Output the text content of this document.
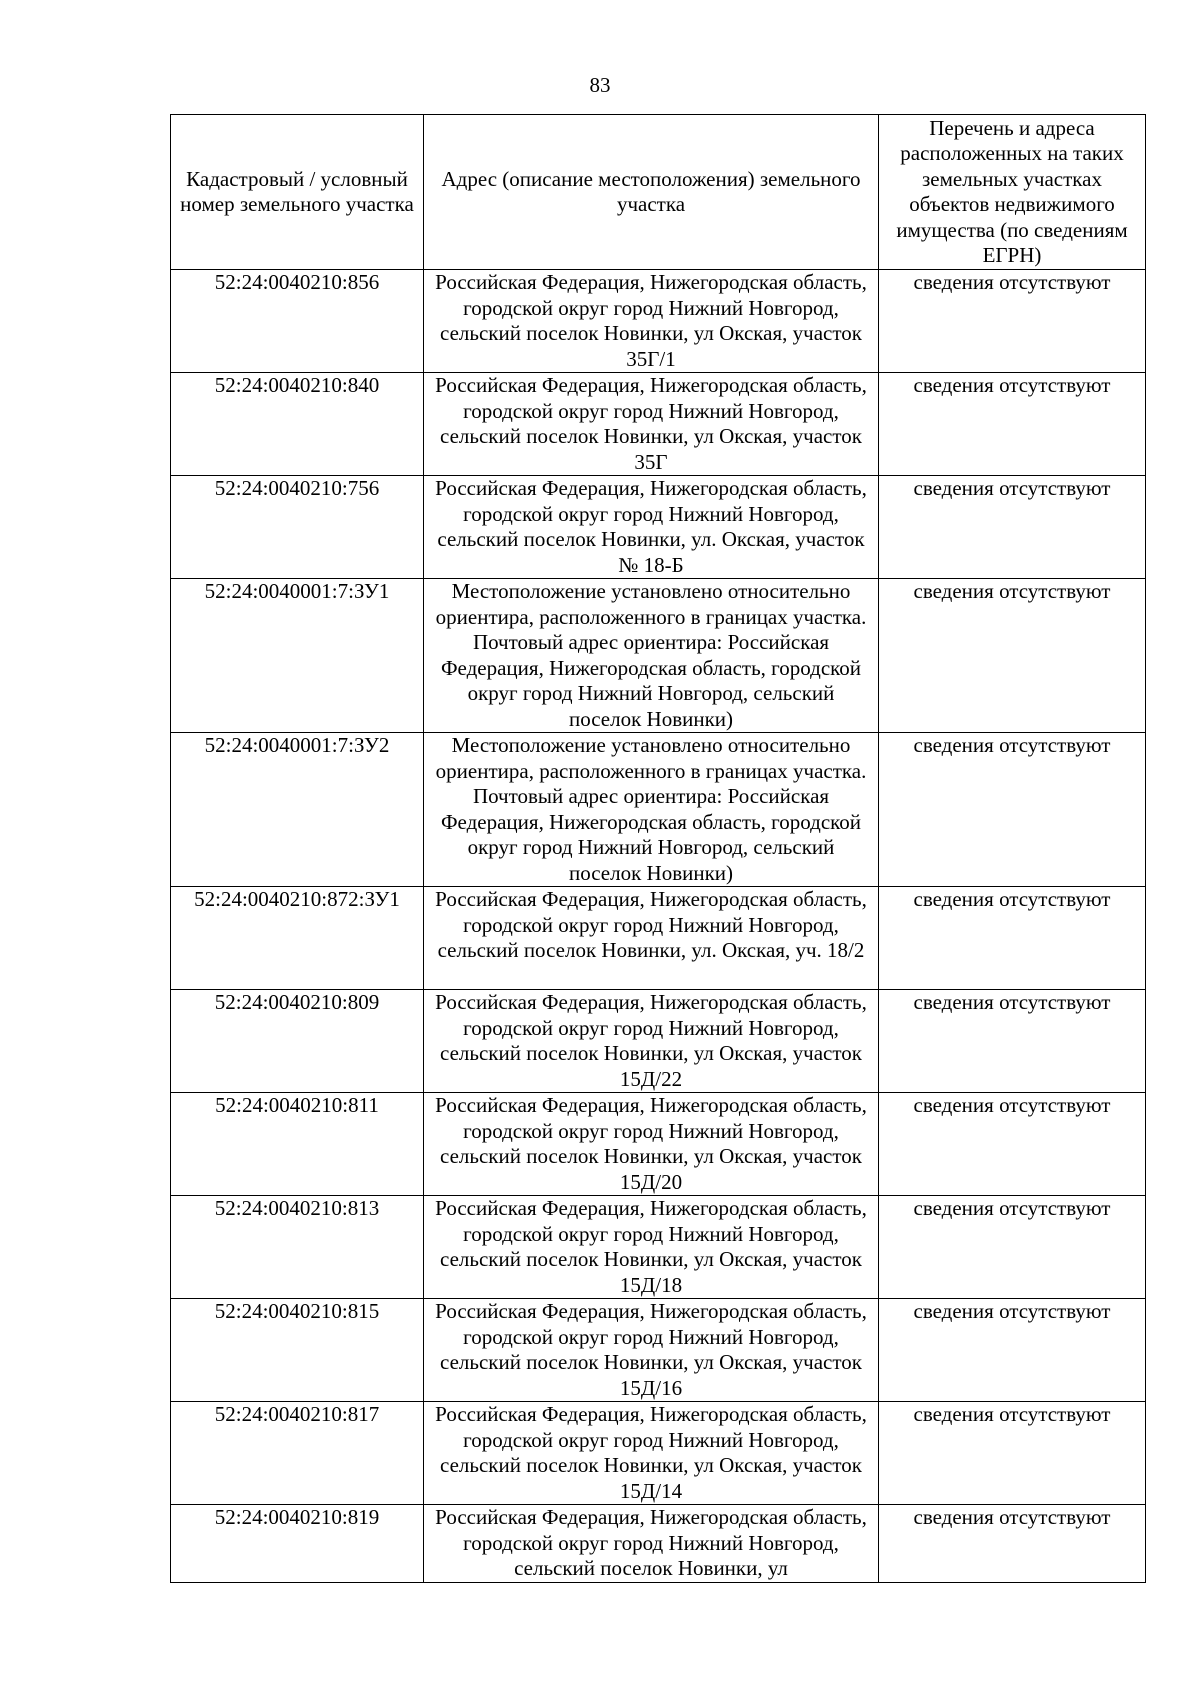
83
Кадастровый / условный номер земельного участка	Адрес (описание местоположения) земельного участка	Перечень и адреса расположенных на таких земельных участках объектов недвижимого имущества (по сведениям ЕГРН)
52:24:0040210:856	Российская Федерация, Нижегородская область, городской округ город Нижний Новгород, сельский поселок Новинки, ул Окская, участок 35Г/1	сведения отсутствуют
52:24:0040210:840	Российская Федерация, Нижегородская область, городской округ город Нижний Новгород, сельский поселок Новинки, ул Окская, участок 35Г	сведения отсутствуют
52:24:0040210:756	Российская Федерация, Нижегородская область, городской округ город Нижний Новгород, сельский поселок Новинки, ул. Окская, участок № 18-Б	сведения отсутствуют
52:24:0040001:7:ЗУ1	Местоположение установлено относительно ориентира, расположенного в границах участка. Почтовый адрес ориентира: Российская Федерация, Нижегородская область, городской округ город Нижний Новгород, сельский поселок Новинки)	сведения отсутствуют
52:24:0040001:7:ЗУ2	Местоположение установлено относительно ориентира, расположенного в границах участка. Почтовый адрес ориентира: Российская Федерация, Нижегородская область, городской округ город Нижний Новгород, сельский поселок Новинки)	сведения отсутствуют
52:24:0040210:872:ЗУ1	Российская Федерация, Нижегородская область, городской округ город Нижний Новгород, сельский поселок Новинки, ул. Окская, уч. 18/2	сведения отсутствуют
52:24:0040210:809	Российская Федерация, Нижегородская область, городской округ город Нижний Новгород, сельский поселок Новинки, ул Окская, участок 15Д/22	сведения отсутствуют
52:24:0040210:811	Российская Федерация, Нижегородская область, городской округ город Нижний Новгород, сельский поселок Новинки, ул Окская, участок 15Д/20	сведения отсутствуют
52:24:0040210:813	Российская Федерация, Нижегородская область, городской округ город Нижний Новгород, сельский поселок Новинки, ул Окская, участок 15Д/18	сведения отсутствуют
52:24:0040210:815	Российская Федерация, Нижегородская область, городской округ город Нижний Новгород, сельский поселок Новинки, ул Окская, участок 15Д/16	сведения отсутствуют
52:24:0040210:817	Российская Федерация, Нижегородская область, городской округ город Нижний Новгород, сельский поселок Новинки, ул Окская, участок 15Д/14	сведения отсутствуют
52:24:0040210:819	Российская Федерация, Нижегородская область, городской округ город Нижний Новгород, сельский поселок Новинки, ул	сведения отсутствуют
